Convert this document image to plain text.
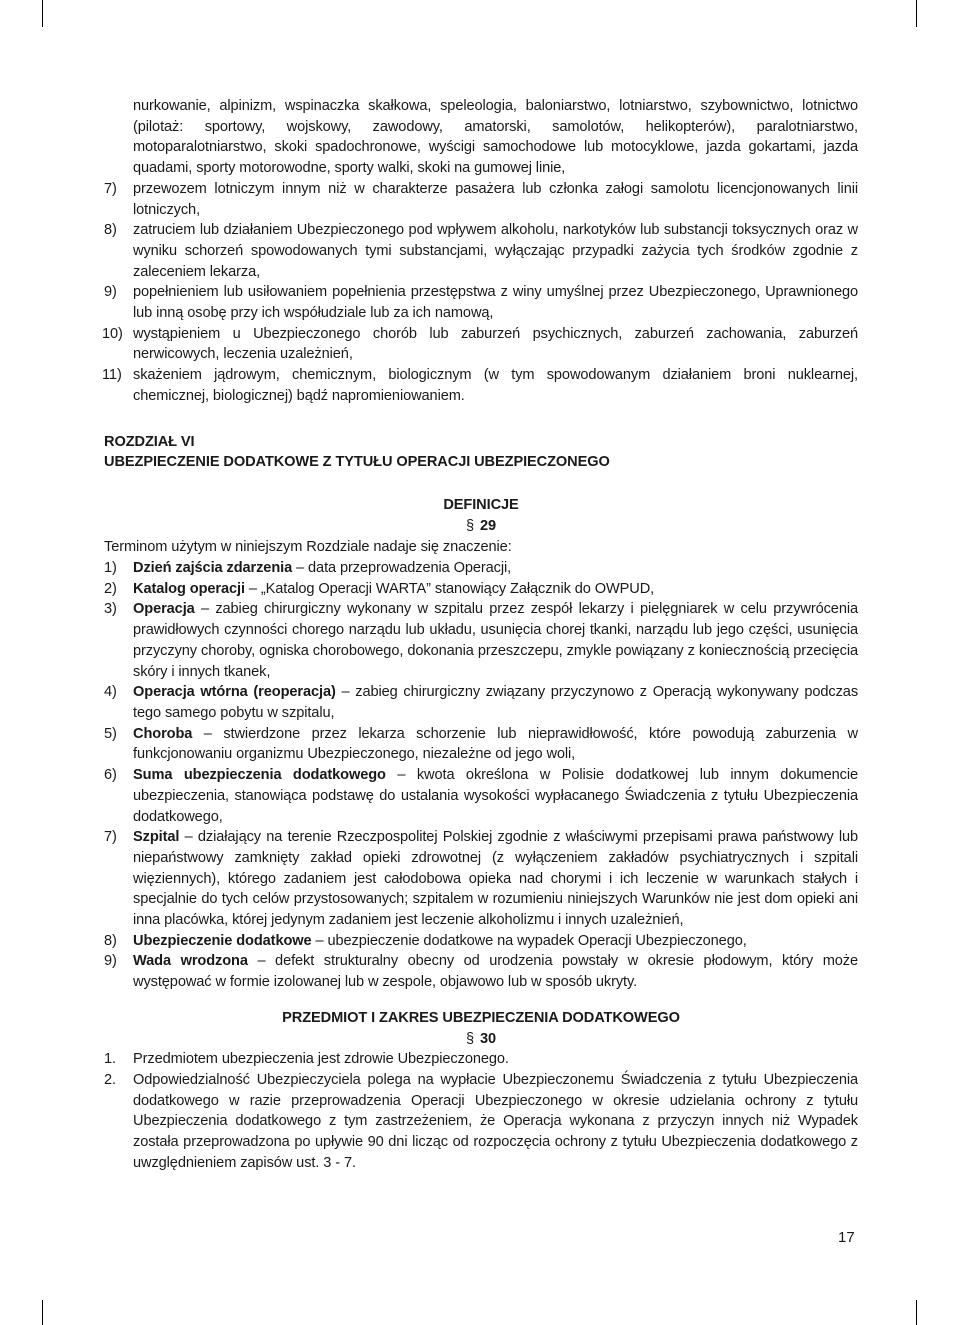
nurkowanie, alpinizm, wspinaczka skałkowa, speleologia, baloniarstwo, lotniarstwo, szybownictwo, lotnictwo (pilotaż: sportowy, wojskowy, zawodowy, amatorski, samolotów, helikopterów), paralotniarstwo, motoparalotniarstwo, skoki spadochronowe, wyścigi samochodowe lub motocyklowe, jazda gokartami, jazda quadami, sporty motorowodne, sporty walki, skoki na gumowej linie,
7) przewozem lotniczym innym niż w charakterze pasażera lub członka załogi samolotu licencjonowanych linii lotniczych,
8) zatruciem lub działaniem Ubezpieczonego pod wpływem alkoholu, narkotyków lub substancji toksycznych oraz w wyniku schorzeń spowodowanych tymi substancjami, wyłączając przypadki zażycia tych środków zgodnie z zaleceniem lekarza,
9) popełnieniem lub usiłowaniem popełnienia przestępstwa z winy umyślnej przez Ubezpieczonego, Uprawnionego lub inną osobę przy ich współudziale lub za ich namową,
10) wystąpieniem u Ubezpieczonego chorób lub zaburzeń psychicznych, zaburzeń zachowania, zaburzeń nerwicowych, leczenia uzależnień,
11) skażeniem jądrowym, chemicznym, biologicznym (w tym spowodowanym działaniem broni nuklearnej, chemicznej, biologicznej) bądź napromieniowaniem.
ROZDZIAŁ VI
UBEZPIECZENIE DODATKOWE Z TYTUŁU OPERACJI UBEZPIECZONEGO
DEFINICJE
§ 29
Terminom użytym w niniejszym Rozdziale nadaje się znaczenie:
1) Dzień zajścia zdarzenia – data przeprowadzenia Operacji,
2) Katalog operacji – „Katalog Operacji WARTA” stanowiący Załącznik do OWPUD,
3) Operacja – zabieg chirurgiczny wykonany w szpitalu przez zespół lekarzy i pielęgniarek w celu przywrócenia prawidłowych czynności chorego narządu lub układu, usunięcia chorej tkanki, narządu lub jego części, usunięcia przyczyny choroby, ogniska chorobowego, dokonania przeszczepu, zmykle powiązany z koniecznością przecięcia skóry i innych tkanek,
4) Operacja wtórna (reoperacja) – zabieg chirurgiczny związany przyczynowo z Operacją wykonywany podczas tego samego pobytu w szpitalu,
5) Choroba – stwierdzone przez lekarza schorzenie lub nieprawidłowość, które powodują zaburzenia w funkcjonowaniu organizmu Ubezpieczonego, niezależne od jego woli,
6) Suma ubezpieczenia dodatkowego – kwota określona w Polisie dodatkowej lub innym dokumencie ubezpieczenia, stanowiąca podstawę do ustalania wysokości wypłacanego Świadczenia z tytułu Ubezpieczenia dodatkowego,
7) Szpital – działający na terenie Rzeczpospolitej Polskiej zgodnie z właściwymi przepisami prawa państwowy lub niepaństwowy zamknięty zakład opieki zdrowotnej (z wyłączeniem zakładów psychiatrycznych i szpitali więziennych), którego zadaniem jest całodobowa opieka nad chorymi i ich leczenie w warunkach stałych i specjalnie do tych celów przystosowanych; szpitalem w rozumieniu niniejszych Warunków nie jest dom opieki ani inna placówka, której jedynym zadaniem jest leczenie alkoholizmu i innych uzależnień,
8) Ubezpieczenie dodatkowe – ubezpieczenie dodatkowe na wypadek Operacji Ubezpieczonego,
9) Wada wrodzona – defekt strukturalny obecny od urodzenia powstały w okresie płodowym, który może występować w formie izolowanej lub w zespole, objawowo lub w sposób ukryty.
PRZEDMIOT I ZAKRES UBEZPIECZENIA DODATKOWEGO
§ 30
1. Przedmiotem ubezpieczenia jest zdrowie Ubezpieczonego.
2. Odpowiedzialność Ubezpieczyciela polega na wypłacie Ubezpieczonemu Świadczenia z tytułu Ubezpieczenia dodatkowego w razie przeprowadzenia Operacji Ubezpieczonego w okresie udzielania ochrony z tytułu Ubezpieczenia dodatkowego z tym zastrzeżeniem, że Operacja wykonana z przyczyn innych niż Wypadek została przeprowadzona po upływie 90 dni licząc od rozpoczęcia ochrony z tytułu Ubezpieczenia dodatkowego z uwzględnieniem zapisów ust. 3 - 7.
17
